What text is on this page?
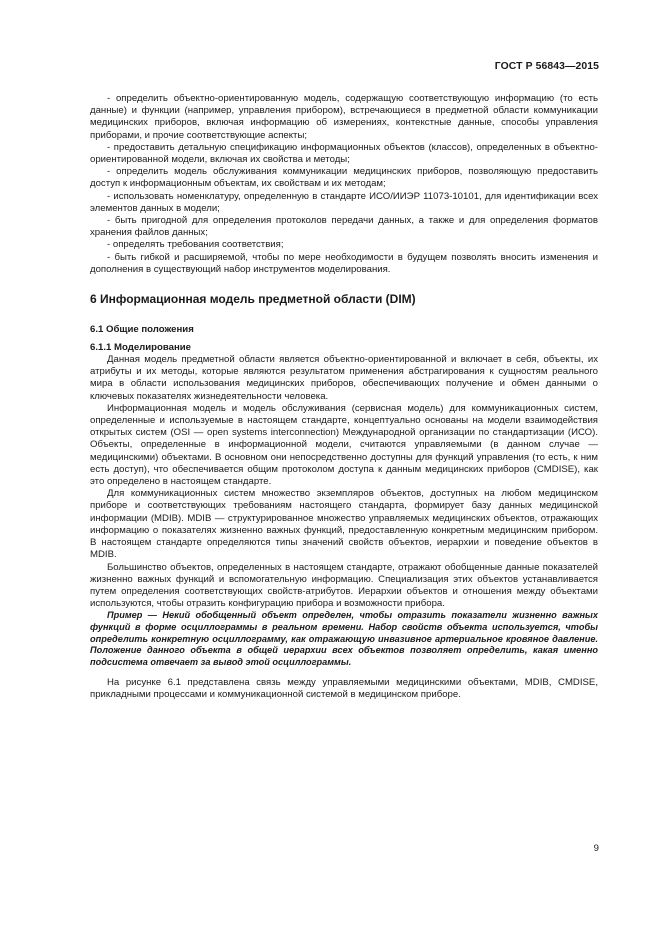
ГОСТ Р 56843—2015

- определить объектно-ориентированную модель, содержащую соответствующую информацию (то есть данные) и функции (например, управления прибором), встречающиеся в предметной области коммуникации медицинских приборов, включая информацию об измерениях, контекстные данные, способы управления приборами, и прочие соответствующие аспекты;

- предоставить детальную спецификацию информационных объектов (классов), определенных в объектно-ориентированной модели, включая их свойства и методы;

- определить модель обслуживания коммуникации медицинских приборов, позволяющую предоставить доступ к информационным объектам, их свойствам и их методам;

- использовать номенклатуру, определенную в стандарте ИСО/ИИЭР 11073-10101, для идентификации всех элементов данных в модели;

- быть пригодной для определения протоколов передачи данных, а также и для определения форматов хранения файлов данных;

- определять требования соответствия;

- быть гибкой и расширяемой, чтобы по мере необходимости в будущем позволять вносить изменения и дополнения в существующий набор инструментов моделирования.

6 Информационная модель предметной области (DIM)
6.1 Общие положения
6.1.1 Моделирование

Данная модель предметной области является объектно-ориентированной и включает в себя, объекты, их атрибуты и их методы, которые являются результатом применения абстрагирования к сущностям реального мира в области использования медицинских приборов, обеспечивающих получение и обмен данными о ключевых показателях жизнедеятельности человека.

Информационная модель и модель обслуживания (сервисная модель) для коммуникационных систем, определенные и используемые в настоящем стандарте, концептуально основаны на модели взаимодействия открытых систем (OSI — open systems interconnection) Международной организации по стандартизации (ИСО). Объекты, определенные в информационной модели, считаются управляемыми (в данном случае — медицинскими) объектами. В основном они непосредственно доступны для функций управления (то есть, к ним есть доступ), что обеспечивается общим протоколом доступа к данным медицинских приборов (CMDISE), как это определено в настоящем стандарте.

Для коммуникационных систем множество экземпляров объектов, доступных на любом медицинском приборе и соответствующих требованиям настоящего стандарта, формирует базу данных медицинской информации (MDIB). MDIB — структурированное множество управляемых медицинских объектов, отражающих информацию о показателях жизненно важных функций, предоставленную конкретным медицинским прибором. В настоящем стандарте определяются типы значений свойств объектов, иерархии и поведение объектов в MDIB.

Большинство объектов, определенных в настоящем стандарте, отражают обобщенные данные показателей жизненно важных функций и вспомогательную информацию. Специализация этих объектов устанавливается путем определения соответствующих свойств-атрибутов. Иерархии объектов и отношения между объектами используются, чтобы отразить конфигурацию прибора и возможности прибора.

Пример — Некий обобщенный объект определен, чтобы отразить показатели жизненно важных функций в форме осциллограммы в реальном времени. Набор свойств объекта используется, чтобы определить конкретную осциллограмму, как отражающую инвазивное артериальное кровяное давление. Положение данного объекта в общей иерархии всех объектов позволяет определить, какая именно подсистема отвечает за вывод этой осциллограммы.

На рисунке 6.1 представлена связь между управляемыми медицинскими объектами, MDIB, CMDISE, прикладными процессами и коммуникационной системой в медицинском приборе.

9
